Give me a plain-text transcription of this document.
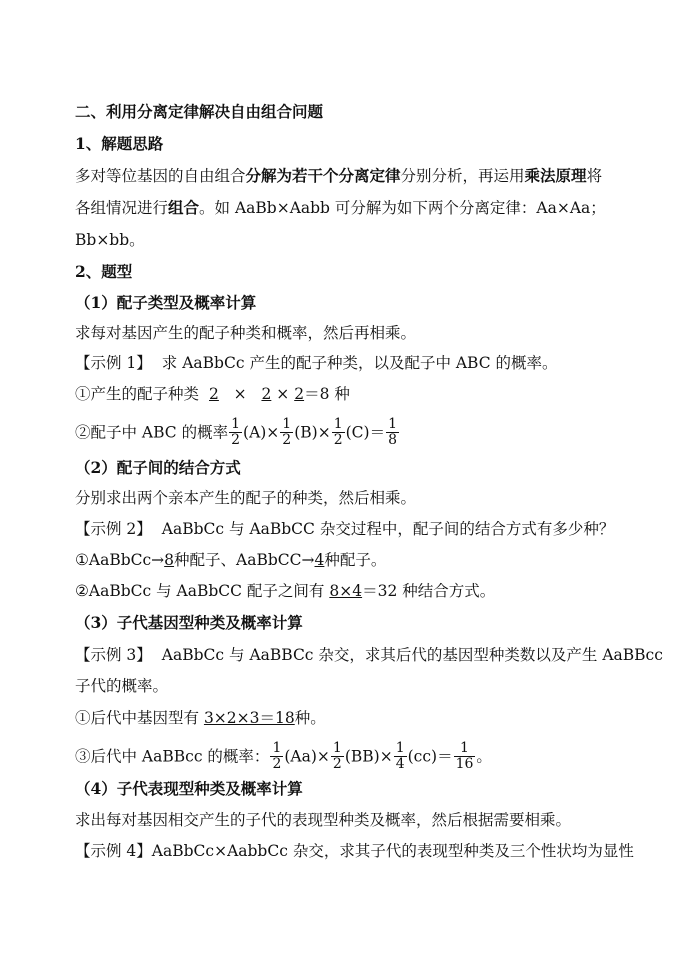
二、利用分离定律解决自由组合问题
1、解题思路
多对等位基因的自由组合分解为若干个分离定律分别分析，再运用乘法原理将
各组情况进行组合。如 AaBb×Aabb 可分解为如下两个分离定律：Aa×Aa；
Bb×bb。
2、题型
（1）配子类型及概率计算
求每对基因产生的配子种类和概率，然后再相乘。
【示例 1】 求 AaBbCc 产生的配子种类，以及配子中 ABC 的概率。
①产生的配子种类 2 × 2 × 2＝8 种
②配子中 ABC 的概率 $\frac{1}{2} (A)\times \frac{1}{2} (B)\times \frac{1}{2} (C)= \frac{1}{8}$
（2）配子间的结合方式
分别求出两个亲本产生的配子的种类，然后相乘。
【示例 2】 AaBbCc 与 AaBbCC 杂交过程中，配子间的结合方式有多少种？
①AaBbCc→8种配子、AaBbCC→4种配子。
②AaBbCc 与 AaBbCC 配子之间有 8×4＝32 种结合方式。
（3）子代基因型种类及概率计算
【示例 3】 AaBbCc 与 AaBBCc 杂交，求其后代的基因型种类数以及产生 AaBBcc
子代的概率。
①后代中基因型有 3×2×3＝18种。
③后代中 AaBBcc 的概率： $\frac{1}{2} (Aa)\times \frac{1}{2} (BB)\times \frac{1}{4} (cc)= \frac{1}{16}$ 。
（4）子代表现型种类及概率计算
求出每对基因相交产生的子代的表现型种类及概率，然后根据需要相乘。
【示例 4】AaBbCc×AabbCc 杂交，求其子代的表现型种类及三个性状均为显性
